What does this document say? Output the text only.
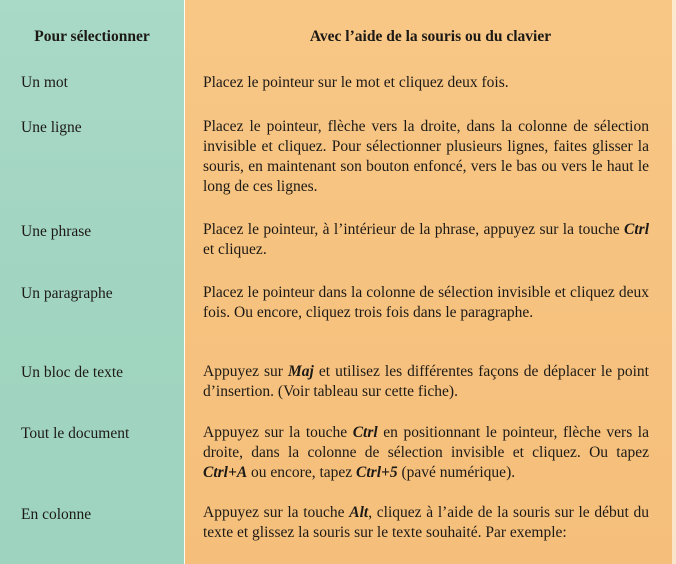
Pour sélectionner	Avec l’aide de la souris ou du clavier
Un mot	Placez le pointeur sur le mot et cliquez deux fois.
Une ligne	Placez le pointeur, flèche vers la droite, dans la colonne de sélection invisible et cliquez. Pour sélectionner plusieurs lignes, faites glisser la souris, en maintenant son bouton enfoncé, vers le bas ou vers le haut le long de ces lignes.
Une phrase	Placez le pointeur, à l’intérieur de la phrase, appuyez sur la touche Ctrl et cliquez.
Un paragraphe	Placez le pointeur dans la colonne de sélection invisible et cliquez deux fois. Ou encore, cliquez trois fois dans le paragraphe.
Un bloc de texte	Appuyez sur Maj et utilisez les différentes façons de déplacer le point d’insertion. (Voir tableau sur cette fiche).
Tout le document	Appuyez sur la touche Ctrl en positionnant le pointeur, flèche vers la droite, dans la colonne de sélection invisible et cliquez. Ou tapez Ctrl+A ou encore, tapez Ctrl+5 (pavé numérique).
En colonne	Appuyez sur la touche Alt, cliquez à l’aide de la souris sur le début du texte et glissez la souris sur le texte souhaité. Par exemple:
